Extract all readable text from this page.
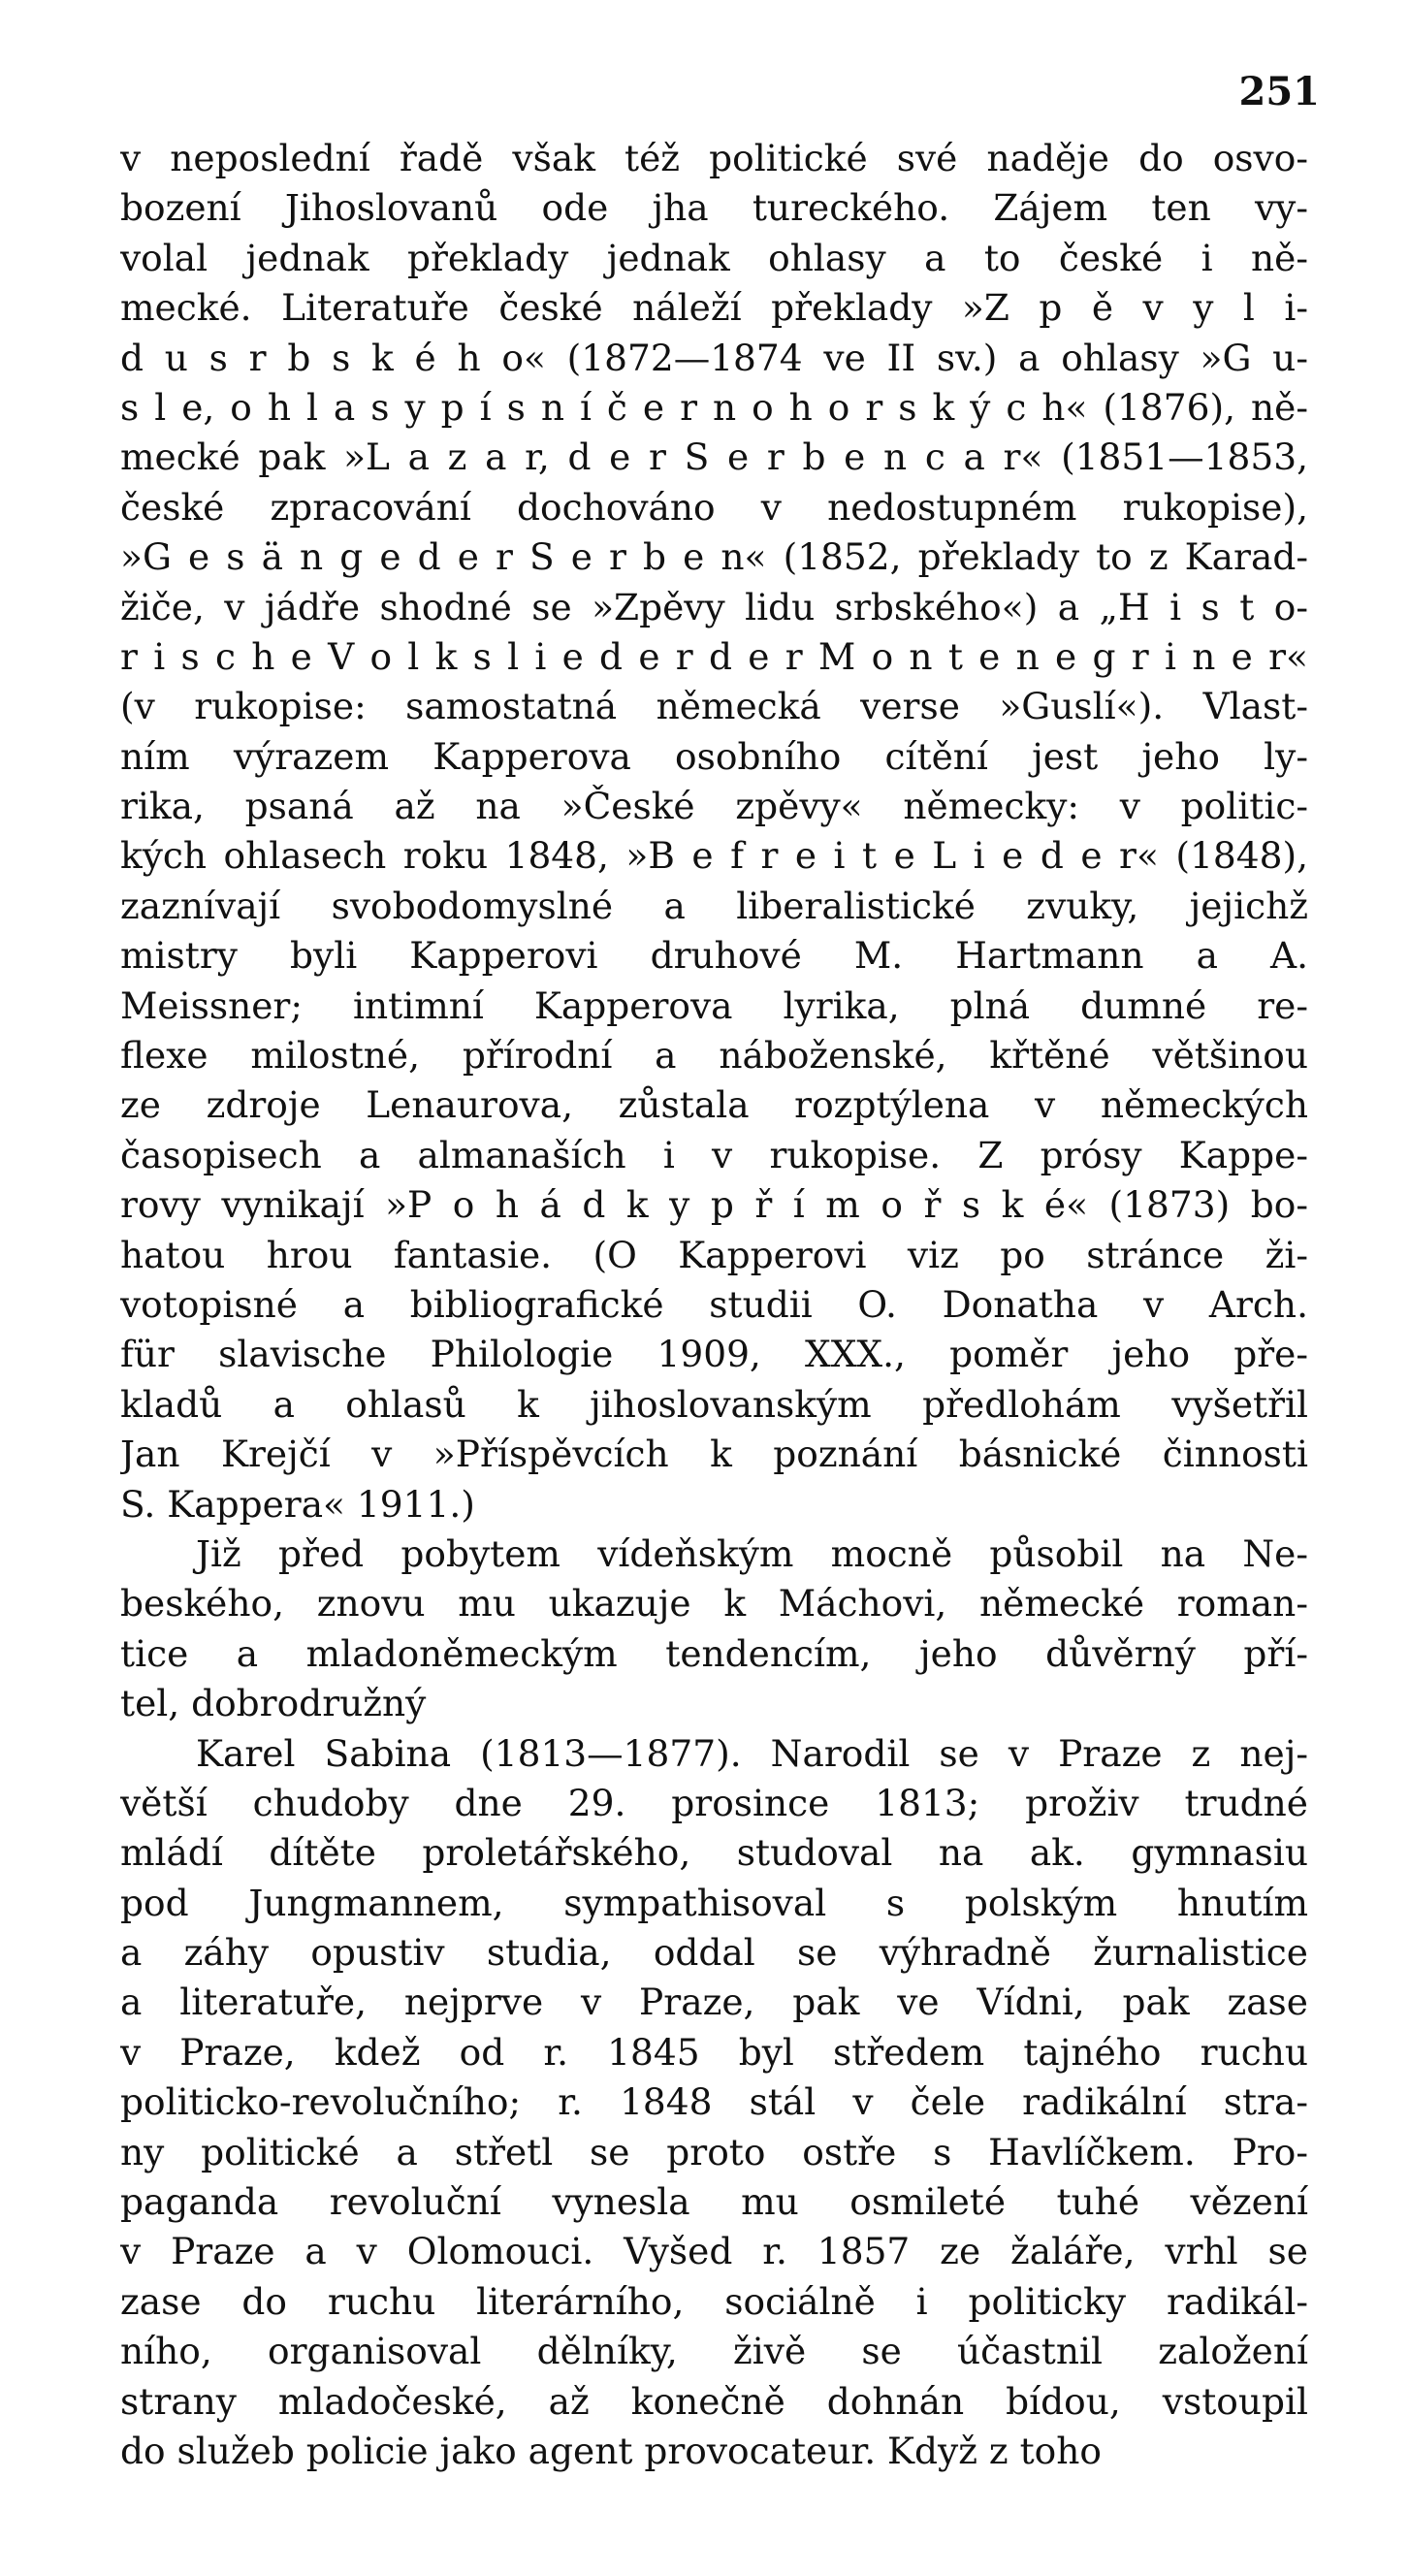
251
v neposlední řadě však též politické své naděje do osvo-
bození Jihoslovanů ode jha tureckého. Zájem ten vy-
volal jednak překlady jednak ohlasy a to české i ně-
mecké. Literatuře české náleží překlady »Z p ě v y l i-
d u s r b s k é h o« (1872—1874 ve II sv.) a ohlasy »G u-
s l e, o h l a s y p í s n í č e r n o h o r s k ý c h« (1876), ně-
mecké pak »L a z a r, d e r S e r b e n c a r« (1851—1853,
české zpracování dochováno v nedostupném rukopise),
»G e s ä n g e d e r S e r b e n« (1852, překlady to z Karad-
žiče, v jádře shodné se »Zpěvy lidu srbského«) a „H i s t o-
r i s c h e V o l k s l i e d e r d e r M o n t e n e g r i n e r«
(v rukopise: samostatná německá verse »Guslí«). Vlast-
ním výrazem Kapperova osobního cítění jest jeho ly-
rika, psaná až na »České zpěvy« německy: v politic-
kých ohlasech roku 1848, »B e f r e i t e L i e d e r« (1848),
zaznívají svobodomyslné a liberalistické zvuky, jejichž
mistry byli Kapperovi druhové M. Hartmann a A.
Meissner; intimní Kapperova lyrika, plná dumné re-
flexe milostné, přírodní a náboženské, křtěné většinou
ze zdroje Lenaurova, zůstala rozptýlena v německých
časopisech a almanaších i v rukopise. Z prósy Kappe-
rovy vynikají »P o h á d k y p ř í m o ř s k é« (1873) bo-
hatou hrou fantasie. (O Kapperovi viz po stránce ži-
votopisné a bibliografické studii O. Donatha v Arch.
für slavische Philologie 1909, XXX., poměr jeho pře-
kladů a ohlasů k jihoslovanským předlohám vyšetřil
Jan Krejčí v »Příspěvcích k poznání básnické činnosti
S. Kappera« 1911.)
Již před pobytem vídeňským mocně působil na Ne-
beského, znovu mu ukazuje k Máchovi, německé roman-
tice a mladoněmeckým tendencím, jeho důvěrný pří-
tel, dobrodružný
Karel Sabina (1813—1877). Narodil se v Praze z nej-
větší chudoby dne 29. prosince 1813; proživ trudné
mládí dítěte proletářského, studoval na ak. gymnasiu
pod Jungmannem, sympathisoval s polským hnutím
a záhy opustiv studia, oddal se výhradně žurnalistice
a literatuře, nejprve v Praze, pak ve Vídni, pak zase
v Praze, kdež od r. 1845 byl středem tajného ruchu
politicko-revolučního; r. 1848 stál v čele radikální stra-
ny politické a střetl se proto ostře s Havlíčkem. Pro-
paganda revoluční vynesla mu osmileté tuhé vězení
v Praze a v Olomouci. Vyšed r. 1857 ze žaláře, vrhl se
zase do ruchu literárního, sociálně i politicky radikál-
ního, organisoval dělníky, živě se účastnil založení
strany mladočeské, až konečně dohnán bídou, vstoupil
do služeb policie jako agent provocateur. Když z toho
